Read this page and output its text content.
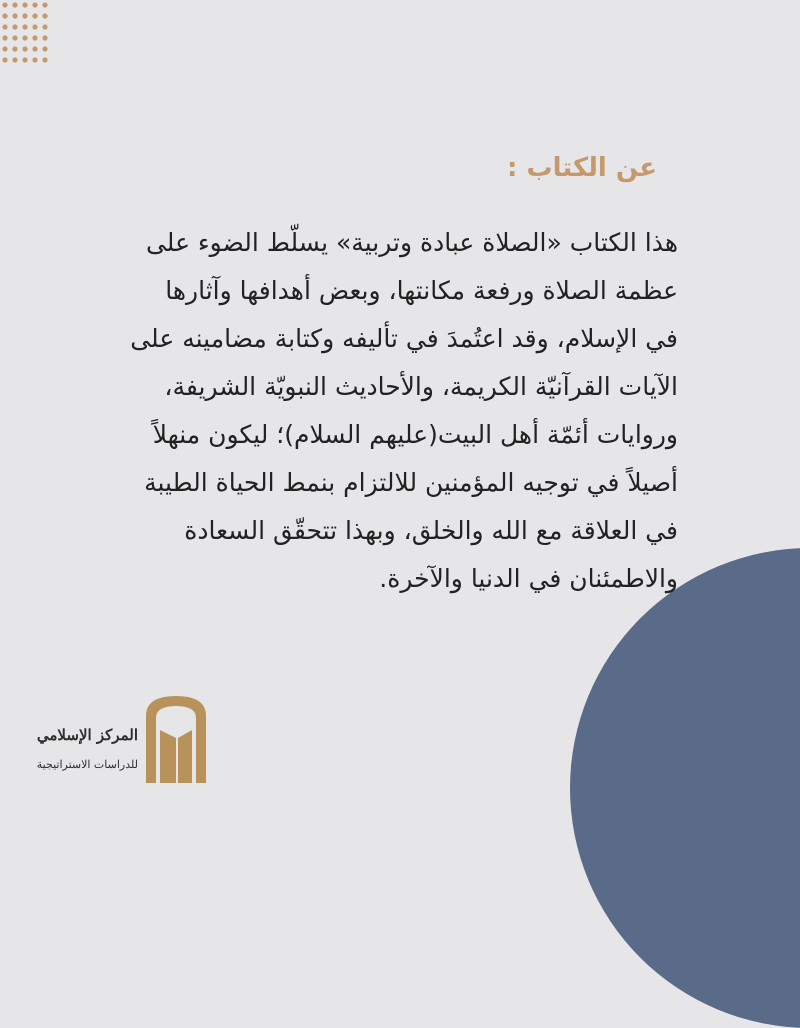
عن الكتاب :
هذا الكتاب «الصلاة عبادة وتربية» يسلّط الضوء على
عظمة الصلاة ورفعة مكانتها، وبعض أهدافها وآثارها
في الإسلام، وقد اعتُمدَ في تأليفه وكتابة مضامينه على
الآيات القرآنيّة الكريمة، والأحاديث النبويّة الشريفة،
وروايات أئمّة أهل البيت(عليهم السلام)؛ ليكون منهلاً
أصيلاً في توجيه المؤمنين للالتزام بنمط الحياة الطيبة
في العلاقة مع الله والخلق، وبهذا تتحقّق السعادة
والاطمئنان في الدنيا والآخرة.
المركز الإسلامي
للدراسات الاستراتيجية
